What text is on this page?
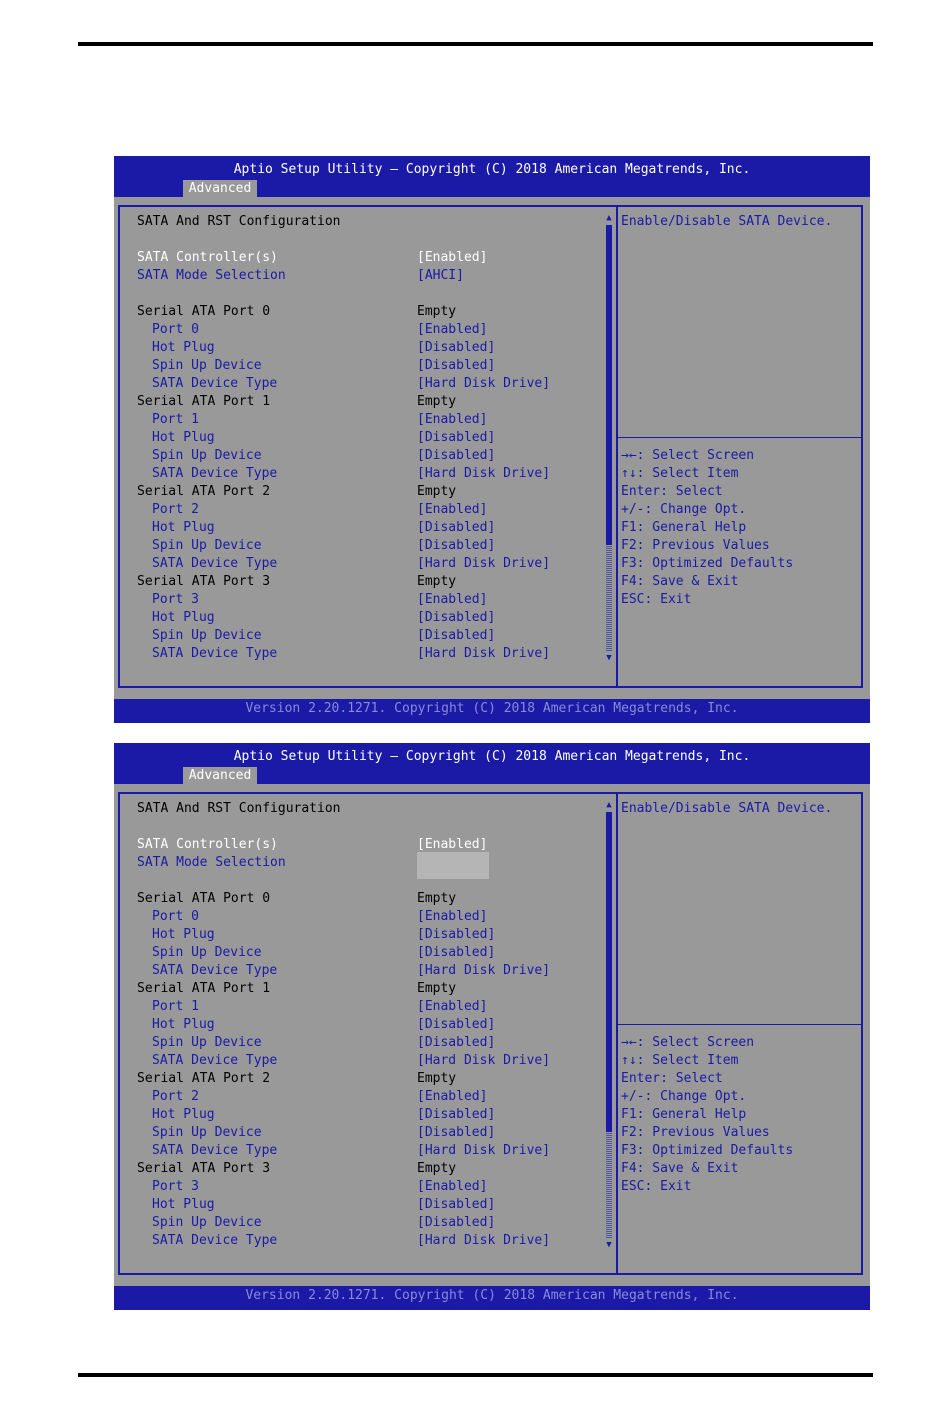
Aptio Setup Utility – Copyright (C) 2018 American Megatrends, Inc.
Advanced
SATA And RST Configuration
SATA Controller(s)	[Enabled]
SATA Mode Selection	[AHCI]
Serial ATA Port 0	Empty
Port 0	[Enabled]
Hot Plug	[Disabled]
Spin Up Device	[Disabled]
SATA Device Type	[Hard Disk Drive]
Serial ATA Port 1	Empty
Port 1	[Enabled]
Hot Plug	[Disabled]
Spin Up Device	[Disabled]
SATA Device Type	[Hard Disk Drive]
Serial ATA Port 2	Empty
Port 2	[Enabled]
Hot Plug	[Disabled]
Spin Up Device	[Disabled]
SATA Device Type	[Hard Disk Drive]
Serial ATA Port 3	Empty
Port 3	[Enabled]
Hot Plug	[Disabled]
Spin Up Device	[Disabled]
SATA Device Type	[Hard Disk Drive]
▲
▼
Enable/Disable SATA Device.
→←: Select Screen
↑↓: Select Item
Enter: Select
+/-: Change Opt.
F1: General Help
F2: Previous Values
F3: Optimized Defaults
F4: Save & Exit
ESC: Exit
Version 2.20.1271. Copyright (C) 2018 American Megatrends, Inc.
Aptio Setup Utility – Copyright (C) 2018 American Megatrends, Inc.
Advanced
SATA And RST Configuration
SATA Controller(s)	[Enabled]
SATA Mode Selection
Serial ATA Port 0	Empty
Port 0	[Enabled]
Hot Plug	[Disabled]
Spin Up Device	[Disabled]
SATA Device Type	[Hard Disk Drive]
Serial ATA Port 1	Empty
Port 1	[Enabled]
Hot Plug	[Disabled]
Spin Up Device	[Disabled]
SATA Device Type	[Hard Disk Drive]
Serial ATA Port 2	Empty
Port 2	[Enabled]
Hot Plug	[Disabled]
Spin Up Device	[Disabled]
SATA Device Type	[Hard Disk Drive]
Serial ATA Port 3	Empty
Port 3	[Enabled]
Hot Plug	[Disabled]
Spin Up Device	[Disabled]
SATA Device Type	[Hard Disk Drive]
▲
▼
Enable/Disable SATA Device.
→←: Select Screen
↑↓: Select Item
Enter: Select
+/-: Change Opt.
F1: General Help
F2: Previous Values
F3: Optimized Defaults
F4: Save & Exit
ESC: Exit
Version 2.20.1271. Copyright (C) 2018 American Megatrends, Inc.
